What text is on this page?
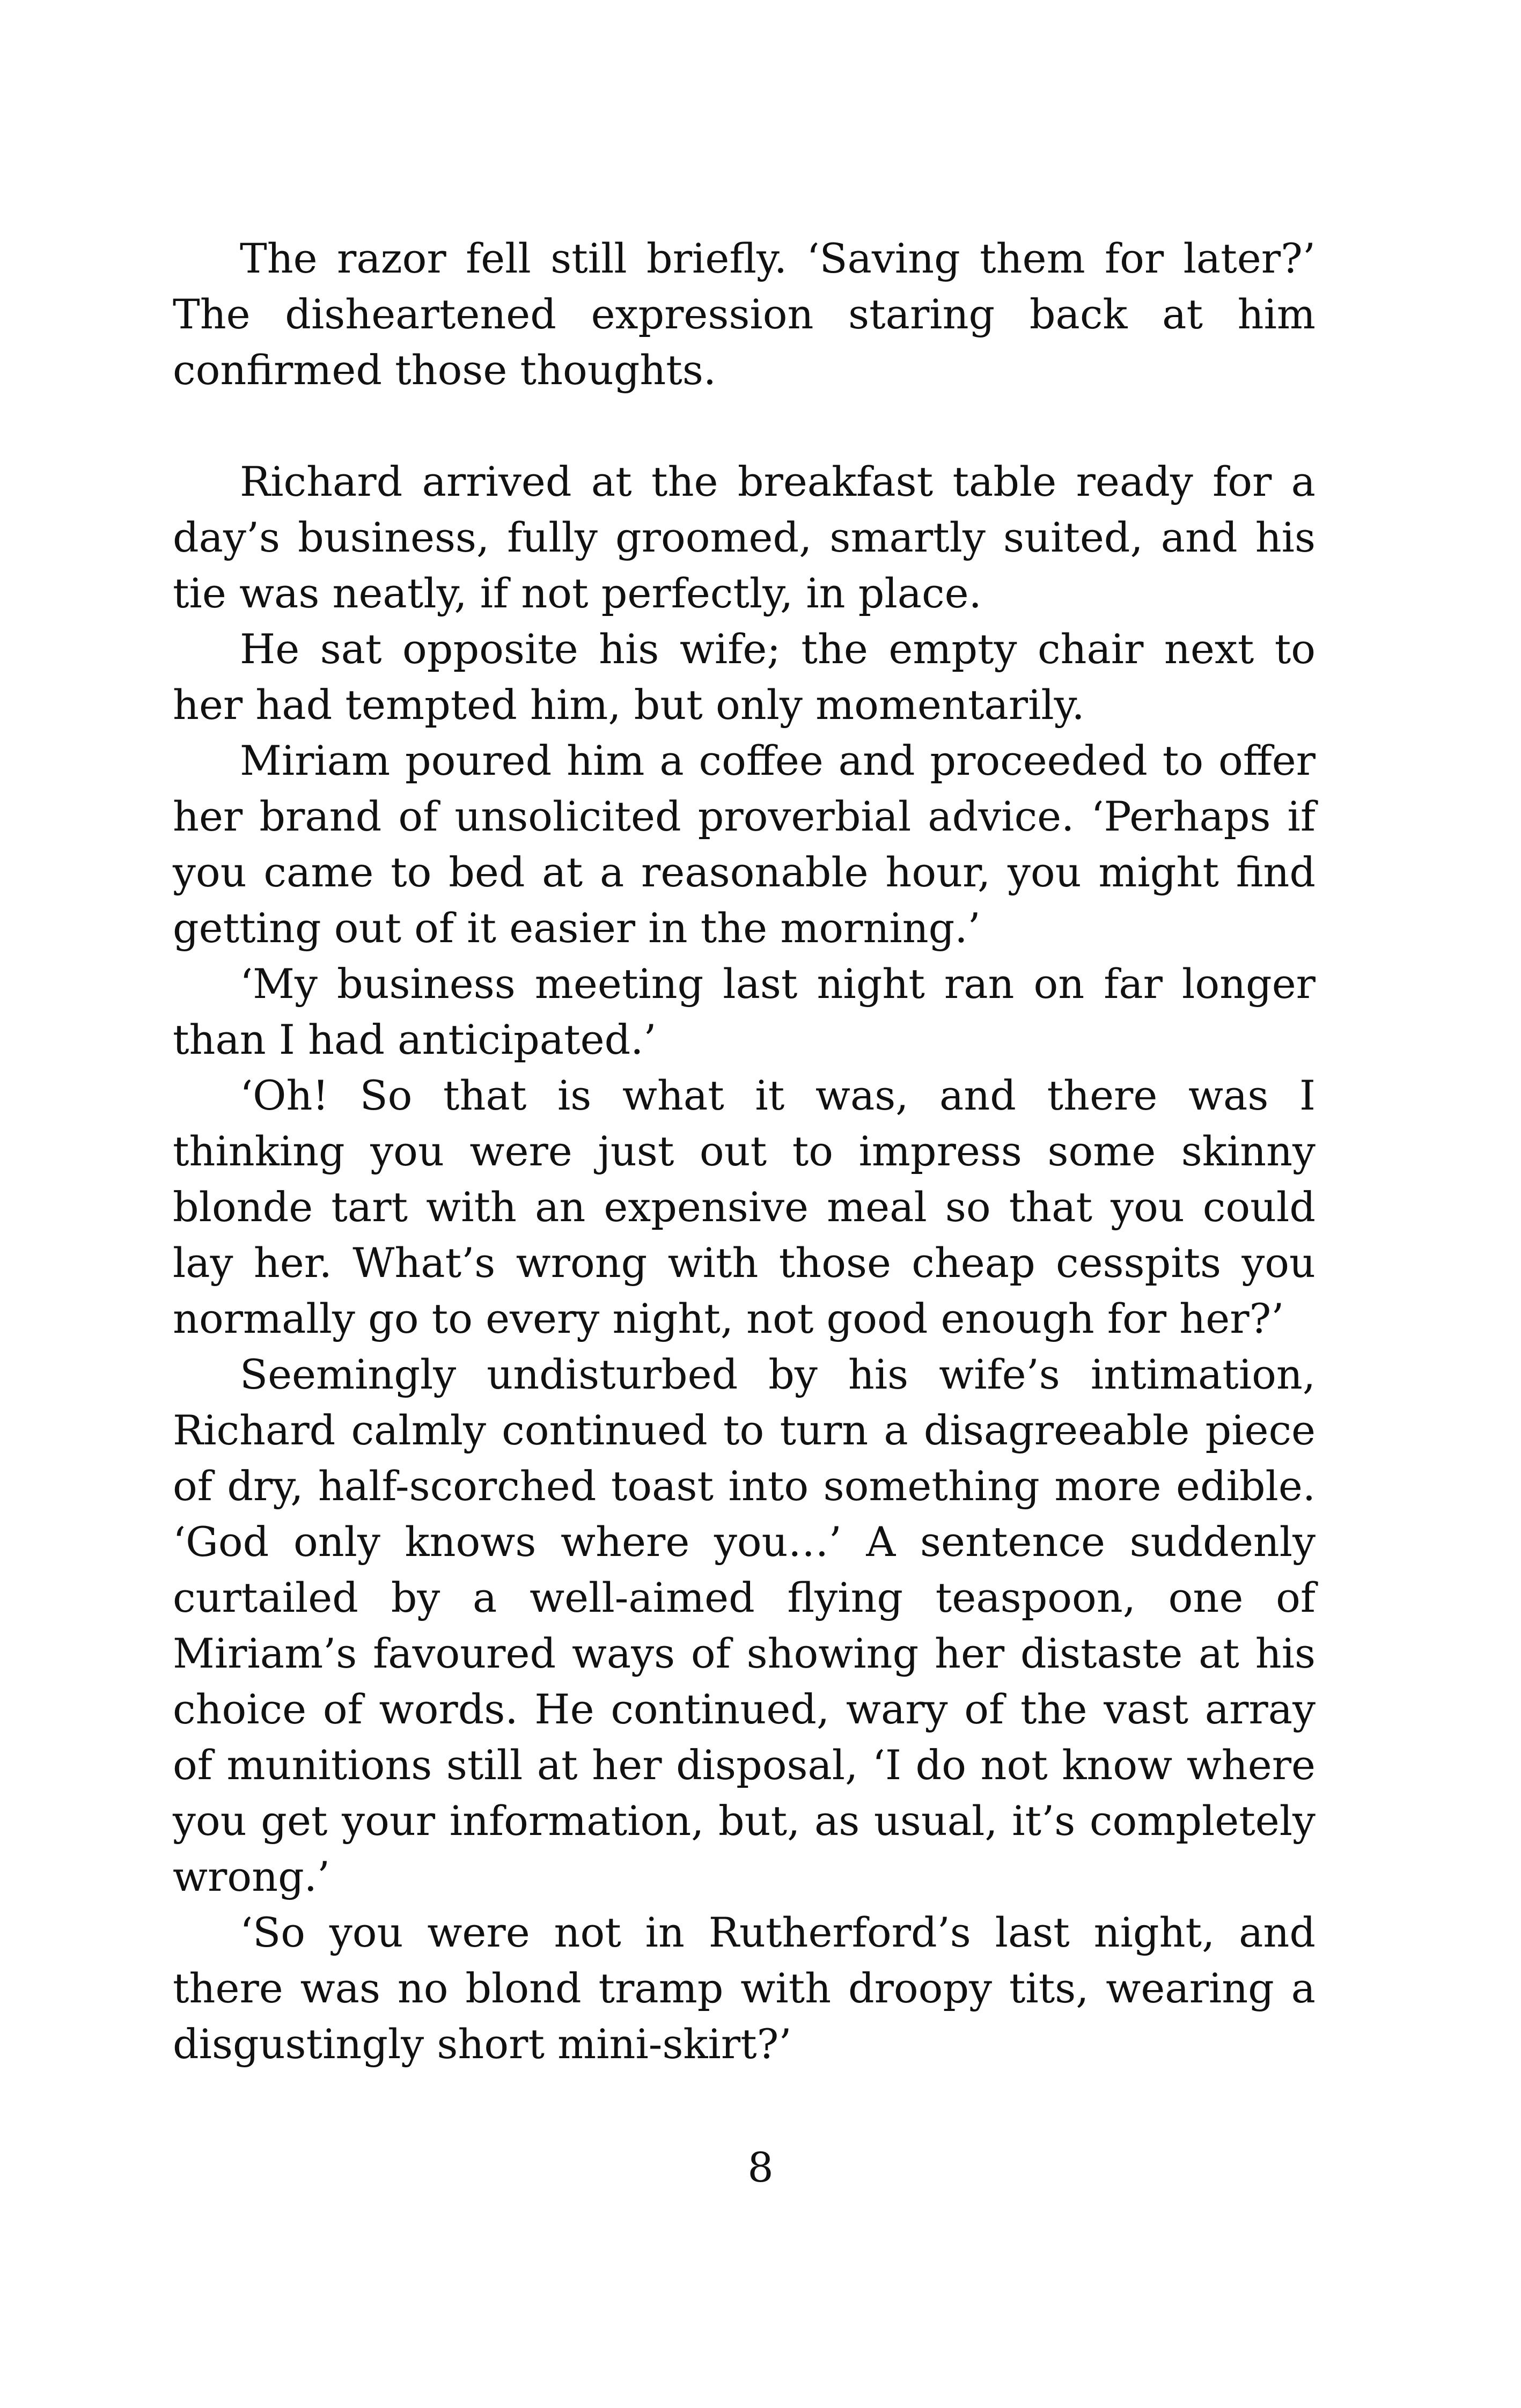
The razor fell still briefly. ‘Saving them for later?’ The disheartened expression staring back at him confirmed those thoughts.

Richard arrived at the breakfast table ready for a day’s business, fully groomed, smartly suited, and his tie was neatly, if not perfectly, in place.

He sat opposite his wife; the empty chair next to her had tempted him, but only momentarily.

Miriam poured him a coffee and proceeded to offer her brand of unsolicited proverbial advice. ‘Perhaps if you came to bed at a reasonable hour, you might find getting out of it easier in the morning.’

‘My business meeting last night ran on far longer than I had anticipated.’

‘Oh! So that is what it was, and there was I thinking you were just out to impress some skinny blonde tart with an expensive meal so that you could lay her. What’s wrong with those cheap cesspits you normally go to every night, not good enough for her?’

Seemingly undisturbed by his wife’s intimation, Richard calmly continued to turn a disagreeable piece of dry, half-scorched toast into something more edible. ‘God only knows where you…’ A sentence suddenly curtailed by a well-aimed flying teaspoon, one of Miriam’s favoured ways of showing her distaste at his choice of words. He continued, wary of the vast array of munitions still at her disposal, ‘I do not know where you get your information, but, as usual, it’s completely wrong.’

‘So you were not in Rutherford’s last night, and there was no blond tramp with droopy tits, wearing a disgustingly short mini-skirt?’

8
